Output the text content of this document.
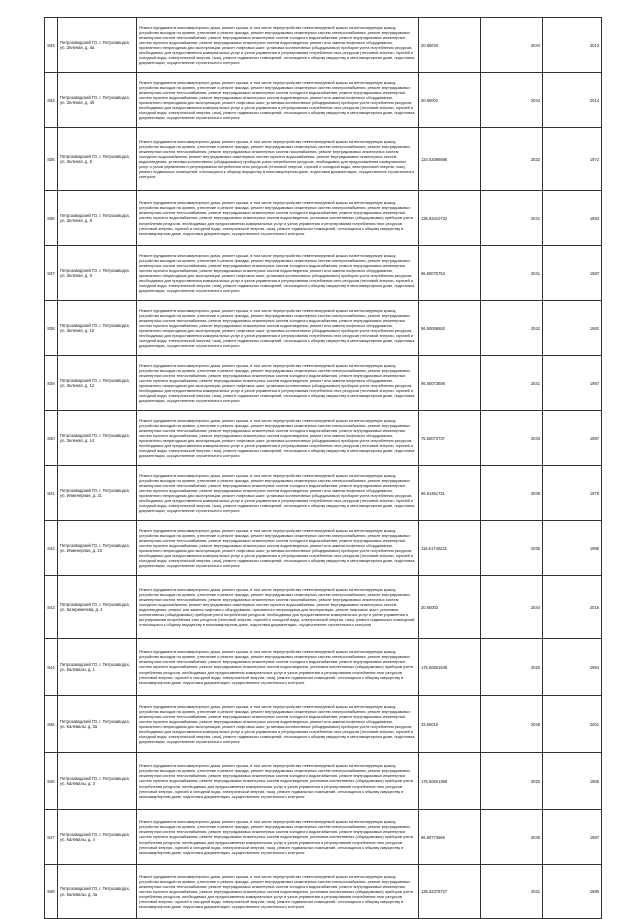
833	Петрозаводский ГО, г. Петрозаводск, ул. Зеленая, д. 4а	Ремонт фундамента многоквартирного дома, ремонт крыши, в том числе переустройство невентилируемой крыши на вентилируемую крышу, устройство выходов на кровлю, утепление и ремонт фасада, ремонт внутридомовых инженерных систем электроснабжения, ремонт внутридомовых инженерных систем теплоснабжения, ремонт внутридомовых инженерных систем холодного водоснабжения, ремонт внутридомовых инженерных систем горячего водоснабжения, ремонт внутридомовых инженерных систем водоотведения, ремонт или замена лифтового оборудования, признанного непригодным для эксплуатации, ремонт лифтовых шахт, установка коллективных (общедомовых) приборов учета потребления ресурсов, необходимых для предоставления коммунальных услуг и узлов управления и регулирования потребления этих ресурсов (тепловой энергии, горячей и холодной воды, электрической энергии, газа), ремонт подвальных помещений, относящихся к общему имуществу в многоквартирном доме, подготовка документации, осуществление строительного контроля	20.60033	2044	2013

834	Петрозаводский ГО, г. Петрозаводск, ул. Зеленая, д. 4б	Ремонт фундамента многоквартирного дома, ремонт крыши, в том числе переустройство невентилируемой крыши на вентилируемую крышу, устройство выходов на кровлю, утепление и ремонт фасада, ремонт внутридомовых инженерных систем электроснабжения, ремонт внутридомовых инженерных систем теплоснабжения, ремонт внутридомовых инженерных систем холодного водоснабжения, ремонт внутридомовых инженерных систем горячего водоснабжения, ремонт внутридомовых инженерных систем водоотведения, ремонт или замена лифтового оборудования, признанного непригодным для эксплуатации, ремонт лифтовых шахт, установка коллективных (общедомовых) приборов учета потребления ресурсов, необходимых для предоставления коммунальных услуг и узлов управления и регулирования потребления этих ресурсов (тепловой энергии, горячей и холодной воды, электрической энергии, газа), ремонт подвальных помещений, относящихся к общему имуществу в многоквартирном доме, подготовка документации, осуществление строительного контроля	20.60002	2044	2014

835	Петрозаводский ГО, г. Петрозаводск, ул. Зеленая, д. 5	Ремонт фундамента многоквартирного дома, ремонт крыши, в том числе переустройство невентилируемой крыши на вентилируемую крышу, устройство выходов на кровлю, утепление и ремонт фасада, ремонт внутридомовых инженерных систем электроснабжения, ремонт внутридомовых инженерных систем теплоснабжения, ремонт внутридомовых инженерных систем газоснабжения, ремонт внутридомовых инженерных систем холодного водоснабжения, ремонт внутридомовых инженерных систем горячего водоснабжения, ремонт внутридомовых инженерных систем водоотведения, установка коллективных (общедомовых) приборов учета потребления ресурсов, необходимых для предоставления коммунальных услуг и узлов управления и регулирования потребления этих ресурсов (тепловой энергии, горячей и холодной воды, электрической энергии, газа), ремонт подвальных помещений, относящихся к общему имуществу в многоквартирном доме, подготовка документации, осуществление строительного контроля	134.52088686	2032	1972

836	Петрозаводский ГО, г. Петрозаводск, ул. Зеленая, д. 8	Ремонт фундамента многоквартирного дома, ремонт крыши, в том числе переустройство невентилируемой крыши на вентилируемую крышу, устройство выходов на кровлю, утепление и ремонт фасада, ремонт внутридомовых инженерных систем электроснабжения, ремонт внутридомовых инженерных систем теплоснабжения, ремонт внутридомовых инженерных систем холодного водоснабжения, ремонт внутридомовых инженерных систем горячего водоснабжения, ремонт внутридомовых инженерных систем водоотведения, установка коллективных (общедомовых) приборов учета потребления ресурсов, необходимых для предоставления коммунальных услуг и узлов управления и регулирования потребления этих ресурсов (тепловой энергии, горячей и холодной воды, электрической энергии, газа), ремонт подвальных помещений, относящихся к общему имуществу в многоквартирном доме, подготовка документации, осуществление строительного контроля	135.83410722	2041	1983

837	Петрозаводский ГО, г. Петрозаводск, ул. Зеленая, д. 9	Ремонт фундамента многоквартирного дома, ремонт крыши, в том числе переустройство невентилируемой крыши на вентилируемую крышу, устройство выходов на кровлю, утепление и ремонт фасада, ремонт внутридомовых инженерных систем электроснабжения, ремонт внутридомовых инженерных систем теплоснабжения, ремонт внутридомовых инженерных систем холодного водоснабжения, ремонт внутридомовых инженерных систем горячего водоснабжения, ремонт внутридомовых инженерных систем водоотведения, ремонт или замена лифтового оборудования, признанного непригодным для эксплуатации, ремонт лифтовых шахт, установка коллективных (общедомовых) приборов учета потребления ресурсов, необходимых для предоставления коммунальных услуг и узлов управления и регулирования потребления этих ресурсов (тепловой энергии, горячей и холодной воды, электрической энергии, газа), ремонт подвальных помещений, относящихся к общему имуществу в многоквартирном доме, подготовка документации, осуществление строительного контроля	96.50075753	2041	1987

838	Петрозаводский ГО, г. Петрозаводск, ул. Зеленая, д. 10	Ремонт фундамента многоквартирного дома, ремонт крыши, в том числе переустройство невентилируемой крыши на вентилируемую крышу, устройство выходов на кровлю, утепление и ремонт фасада, ремонт внутридомовых инженерных систем электроснабжения, ремонт внутридомовых инженерных систем теплоснабжения, ремонт внутридомовых инженерных систем холодного водоснабжения, ремонт внутридомовых инженерных систем горячего водоснабжения, ремонт внутридомовых инженерных систем водоотведения, ремонт или замена лифтового оборудования, признанного непригодным для эксплуатации, ремонт лифтовых шахт, установка коллективных (общедомовых) приборов учета потребления ресурсов, необходимых для предоставления коммунальных услуг и узлов управления и регулирования потребления этих ресурсов (тепловой энергии, горячей и холодной воды, электрической энергии, газа), ремонт подвальных помещений, относящихся к общему имуществу в многоквартирном доме, подготовка документации, осуществление строительного контроля	96.50068682	2042	1982

839	Петрозаводский ГО, г. Петрозаводск, ул. Зеленая, д. 12	Ремонт фундамента многоквартирного дома, ремонт крыши, в том числе переустройство невентилируемой крыши на вентилируемую крышу, устройство выходов на кровлю, утепление и ремонт фасада, ремонт внутридомовых инженерных систем электроснабжения, ремонт внутридомовых инженерных систем теплоснабжения, ремонт внутридомовых инженерных систем холодного водоснабжения, ремонт внутридомовых инженерных систем горячего водоснабжения, ремонт внутридомовых инженерных систем водоотведения, ремонт или замена лифтового оборудования, признанного непригодным для эксплуатации, ремонт лифтовых шахт, установка коллективных (общедомовых) приборов учета потребления ресурсов, необходимых для предоставления коммунальных услуг и узлов управления и регулирования потребления этих ресурсов (тепловой энергии, горячей и холодной воды, электрической энергии, газа), ремонт подвальных помещений, относящихся к общему имуществу в многоквартирном доме, подготовка документации, осуществление строительного контроля	96.50073686	2041	1987

840	Петрозаводский ГО, г. Петрозаводск, ул. Зеленая, д. 14	Ремонт фундамента многоквартирного дома, ремонт крыши, в том числе переустройство невентилируемой крыши на вентилируемую крышу, устройство выходов на кровлю, утепление и ремонт фасада, ремонт внутридомовых инженерных систем электроснабжения, ремонт внутридомовых инженерных систем теплоснабжения, ремонт внутридомовых инженерных систем холодного водоснабжения, ремонт внутридомовых инженерных систем горячего водоснабжения, ремонт внутридомовых инженерных систем водоотведения, ремонт или замена лифтового оборудования, признанного непригодным для эксплуатации, ремонт лифтовых шахт, установка коллективных (общедомовых) приборов учета потребления ресурсов, необходимых для предоставления коммунальных услуг и узлов управления и регулирования потребления этих ресурсов (тепловой энергии, горячей и холодной воды, электрической энергии, газа), ремонт подвальных помещений, относящихся к общему имуществу в многоквартирном доме, подготовка документации, осуществление строительного контроля	75.50073737	2043	1987

841	Петрозаводский ГО, г. Петрозаводск, ул. Инженерная, д. 21	Ремонт фундамента многоквартирного дома, ремонт крыши, в том числе переустройство невентилируемой крыши на вентилируемую крышу, устройство выходов на кровлю, утепление и ремонт фасада, ремонт внутридомовых инженерных систем электроснабжения, ремонт внутридомовых инженерных систем теплоснабжения, ремонт внутридомовых инженерных систем холодного водоснабжения, ремонт внутридомовых инженерных систем горячего водоснабжения, ремонт внутридомовых инженерных систем водоотведения, ремонт или замена лифтового оборудования, признанного непригодным для эксплуатации, ремонт лифтовых шахт, установка коллективных (общедомовых) приборов учета потребления ресурсов, необходимых для предоставления коммунальных услуг и узлов управления и регулирования потребления этих ресурсов (тепловой энергии, горячей и холодной воды, электрической энергии, газа), ремонт подвальных помещений, относящихся к общему имуществу в многоквартирном доме, подготовка документации, осуществление строительного контроля	96.51361731	2039	1979

842	Петрозаводский ГО, г. Петрозаводск, ул. Инженерная, д. 23	Ремонт фундамента многоквартирного дома, ремонт крыши, в том числе переустройство невентилируемой крыши на вентилируемую крышу, устройство выходов на кровлю, утепление и ремонт фасада, ремонт внутридомовых инженерных систем электроснабжения, ремонт внутридомовых инженерных систем теплоснабжения, ремонт внутридомовых инженерных систем холодного водоснабжения, ремонт внутридомовых инженерных систем горячего водоснабжения, ремонт внутридомовых инженерных систем водоотведения, ремонт или замена лифтового оборудования, признанного непригодным для эксплуатации, ремонт лифтовых шахт, установка коллективных (общедомовых) приборов учета потребления ресурсов, необходимых для предоставления коммунальных услуг и узлов управления и регулирования потребления этих ресурсов (тепловой энергии, горячей и холодной воды, электрической энергии, газа), ремонт подвальных помещений, относящихся к общему имуществу в многоквартирном доме, подготовка документации, осуществление строительного контроля	115.51740221	2036	1985

843	Петрозаводский ГО, г. Петрозаводск, ул. Катериничева, д. 4	Ремонт фундамента многоквартирного дома, ремонт крыши, в том числе переустройство невентилируемой крыши на вентилируемую крышу, устройство выходов на кровлю, утепление и ремонт фасада, ремонт внутридомовых инженерных систем электроснабжения, ремонт внутридомовых инженерных систем теплоснабжения, ремонт внутридомовых инженерных систем газоснабжения, ремонт внутридомовых инженерных систем холодного водоснабжения, ремонт внутридомовых инженерных систем горячего водоснабжения, ремонт внутридомовых инженерных систем водоотведения, ремонт или замена лифтового оборудования, признанного непригодным для эксплуатации, ремонт лифтовых шахт, установка коллективных (общедомовых) приборов учета потребления ресурсов, необходимых для предоставления коммунальных услуг и узлов управления и регулирования потребления этих ресурсов (тепловой энергии, горячей и холодной воды, электрической энергии, газа), ремонт подвальных помещений, относящихся к общему имуществу в многоквартирном доме, подготовка документации, осуществление строительного контроля	20.60002	2044	2016

844	Петрозаводский ГО, г. Петрозаводск, ул. Калевалы, д. 1	Ремонт фундамента многоквартирного дома, ремонт крыши, в том числе переустройство невентилируемой крыши на вентилируемую крышу, устройство выходов на кровлю, утепление и ремонт фасада, ремонт внутридомовых инженерных систем электроснабжения, ремонт внутридомовых инженерных систем теплоснабжения, ремонт внутридомовых инженерных систем холодного водоснабжения, ремонт внутридомовых инженерных систем горячего водоснабжения, ремонт внутридомовых инженерных систем водоотведения, установка коллективных (общедомовых) приборов учета потребления ресурсов, необходимых для предоставления коммунальных услуг и узлов управления и регулирования потребления этих ресурсов (тепловой энергии, горячей и холодной воды, электрической энергии, газа), ремонт подвальных помещений, относящихся к общему имуществу в многоквартирном доме, подготовка документации, осуществление строительного контроля	175.50601639	2020	1984

845	Петрозаводский ГО, г. Петрозаводск, ул. Калевалы, д. 3а	Ремонт фундамента многоквартирного дома, ремонт крыши, в том числе переустройство невентилируемой крыши на вентилируемую крышу, устройство выходов на кровлю, утепление и ремонт фасада, ремонт внутридомовых инженерных систем электроснабжения, ремонт внутридомовых инженерных систем теплоснабжения, ремонт внутридомовых инженерных систем холодного водоснабжения, ремонт внутридомовых инженерных систем горячего водоснабжения, ремонт внутридомовых инженерных систем водоотведения, ремонт или замена лифтового оборудования, признанного непригодным для эксплуатации, ремонт лифтовых шахт, установка коллективных (общедомовых) приборов учета потребления ресурсов, необходимых для предоставления коммунальных услуг и узлов управления и регулирования потребления этих ресурсов (тепловой энергии, горячей и холодной воды, электрической энергии, газа), ремонт подвальных помещений, относящихся к общему имуществу в многоквартирном доме, подготовка документации, осуществление строительного контроля	33.50015	2045	2001

846	Петрозаводский ГО, г. Петрозаводск, ул. Калевалы, д. 3	Ремонт фундамента многоквартирного дома, ремонт крыши, в том числе переустройство невентилируемой крыши на вентилируемую крышу, устройство выходов на кровлю, утепление и ремонт фасада, ремонт внутридомовых инженерных систем электроснабжения, ремонт внутридомовых инженерных систем теплоснабжения, ремонт внутридомовых инженерных систем холодного водоснабжения, ремонт внутридомовых инженерных систем горячего водоснабжения, ремонт внутридомовых инженерных систем водоотведения, установка коллективных (общедомовых) приборов учета потребления ресурсов, необходимых для предоставления коммунальных услуг и узлов управления и регулирования потребления этих ресурсов (тепловой энергии, горячей и холодной воды, электрической энергии, газа), ремонт подвальных помещений, относящихся к общему имуществу в многоквартирном доме, подготовка документации, осуществление строительного контроля	175.50601369	2020	1966

847	Петрозаводский ГО, г. Петрозаводск, ул. Калевалы, д. 4	Ремонт фундамента многоквартирного дома, ремонт крыши, в том числе переустройство невентилируемой крыши на вентилируемую крышу, устройство выходов на кровлю, утепление и ремонт фасада, ремонт внутридомовых инженерных систем электроснабжения, ремонт внутридомовых инженерных систем теплоснабжения, ремонт внутридомовых инженерных систем холодного водоснабжения, ремонт внутридомовых инженерных систем горячего водоснабжения, ремонт внутридомовых инженерных систем водоотведения, установка коллективных (общедомовых) приборов учета потребления ресурсов, необходимых для предоставления коммунальных услуг и узлов управления и регулирования потребления этих ресурсов (тепловой энергии, горячей и холодной воды, электрической энергии, газа), ремонт подвальных помещений, относящихся к общему имуществу в многоквартирном доме, подготовка документации, осуществление строительного контроля	96.50773666	2040	1987

848	Петрозаводский ГО, г. Петрозаводск, ул. Калевалы, д. 4а	Ремонт фундамента многоквартирного дома, ремонт крыши, в том числе переустройство невентилируемой крыши на вентилируемую крышу, устройство выходов на кровлю, утепление и ремонт фасада, ремонт внутридомовых инженерных систем электроснабжения, ремонт внутридомовых инженерных систем теплоснабжения, ремонт внутридомовых инженерных систем холодного водоснабжения, ремонт внутридомовых инженерных систем горячего водоснабжения, ремонт внутридомовых инженерных систем водоотведения, установка коллективных (общедомовых) приборов учета потребления ресурсов, необходимых для предоставления коммунальных услуг и узлов управления и регулирования потребления этих ресурсов (тепловой энергии, горячей и холодной воды, электрической энергии, газа), ремонт подвальных помещений, относящихся к общему имуществу в многоквартирном доме, подготовка документации, осуществление строительного контроля	135.52378727	2031	1980
